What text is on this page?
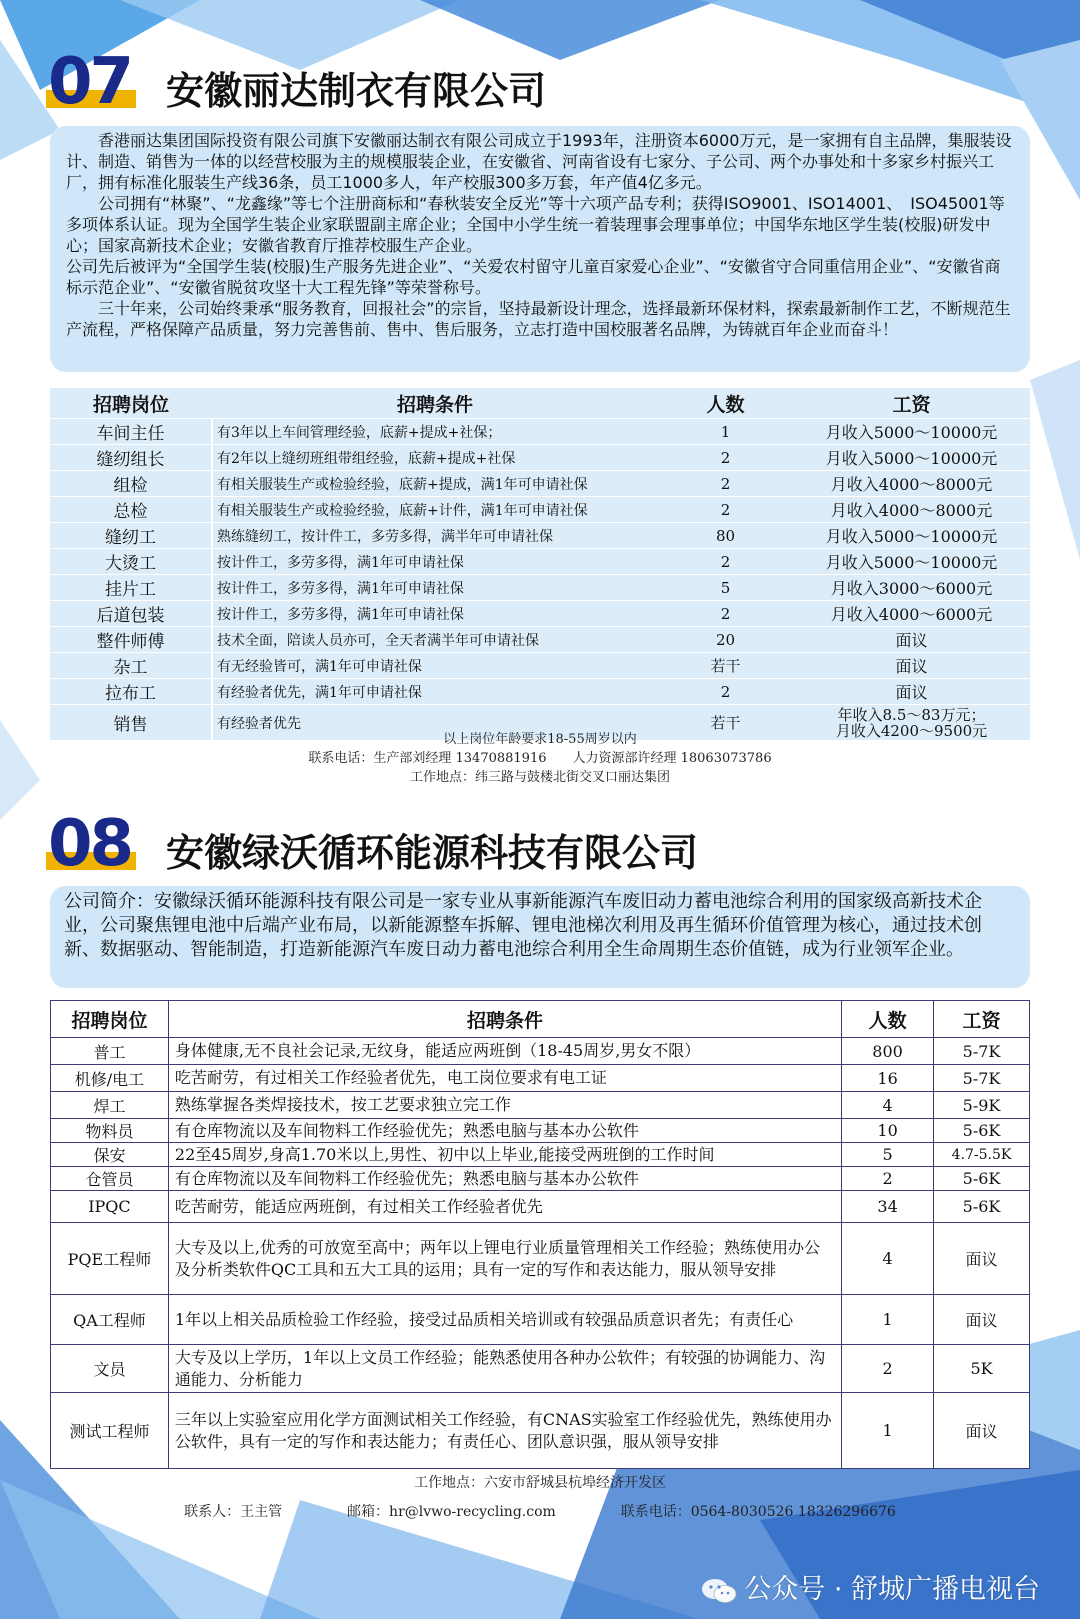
07 安徽丽达制衣有限公司

　　香港丽达集团国际投资有限公司旗下安徽丽达制衣有限公司成立于1993年，注册资本6000万元，是一家拥有自主品牌，集服装设计、制造、销售为一体的以经营校服为主的规模服装企业，在安徽省、河南省设有七家分、子公司、两个办事处和十多家乡村振兴工厂，拥有标准化服装生产线36条，员工1000多人，年产校服300多万套，年产值4亿多元。

　　公司拥有“林聚”、“龙鑫缘”等七个注册商标和“春秋装安全反光”等十六项产品专利；获得ISO9001、ISO14001、　ISO45001等多项体系认证。现为全国学生装企业家联盟副主席企业；全国中小学生统一着装理事会理事单位；中国华东地区学生装(校服)研发中心；国家高新技术企业；安徽省教育厅推荐校服生产企业。

公司先后被评为“全国学生装(校服)生产服务先进企业”、“关爱农村留守儿童百家爱心企业”、“安徽省守合同重信用企业”、“安徽省商标示范企业”、“安徽省脱贫攻坚十大工程先锋”等荣誉称号。

　　三十年来，公司始终秉承“服务教育，回报社会”的宗旨，坚持最新设计理念，选择最新环保材料，探索最新制作工艺，不断规范生产流程，严格保障产品质量，努力完善售前、售中、售后服务，立志打造中国校服著名品牌，为铸就百年企业而奋斗！

招聘岗位	招聘条件	人数	工资
车间主任	有3年以上车间管理经验，底薪+提成+社保；	1	月收入5000～10000元
缝纫组长	有2年以上缝纫班组带组经验，底薪+提成+社保	2	月收入5000～10000元
组检	有相关服装生产或检验经验，底薪+提成，满1年可申请社保	2	月收入4000～8000元
总检	有相关服装生产或检验经验，底薪+计件，满1年可申请社保	2	月收入4000～8000元
缝纫工	熟练缝纫工，按计件工，多劳多得，满半年可申请社保	80	月收入5000～10000元
大烫工	按计件工，多劳多得，满1年可申请社保	2	月收入5000～10000元
挂片工	按计件工，多劳多得，满1年可申请社保	5	月收入3000～6000元
后道包装	按计件工，多劳多得，满1年可申请社保	2	月收入4000～6000元
整件师傅	技术全面，陪读人员亦可，全天者满半年可申请社保	20	面议
杂工	有无经验皆可，满1年可申请社保	若干	面议
拉布工	有经验者优先，满1年可申请社保	2	面议
销售	有经验者优先	若干	年收入8.5～83万元；
月收入4200～9500元
以上岗位年龄要求18-55周岁以内
联系电话：生产部刘经理 13470881916　　人力资源部许经理 18063073786
工作地点：纬三路与鼓楼北街交叉口丽达集团
08 安徽绿沃循环能源科技有限公司

公司简介：安徽绿沃循环能源科技有限公司是一家专业从事新能源汽车废旧动力蓄电池综合利用的国家级高新技术企业，公司聚焦锂电池中后端产业布局，以新能源整车拆解、锂电池梯次利用及再生循环价值管理为核心，通过技术创新、数据驱动、智能制造，打造新能源汽车废日动力蓄电池综合利用全生命周期生态价值链，成为行业领军企业。

招聘岗位	招聘条件	人数	工资
普工	身体健康,无不良社会记录,无纹身，能适应两班倒（18-45周岁,男女不限）	800	5-7K
机修/电工	吃苦耐劳，有过相关工作经验者优先，电工岗位要求有电工证	16	5-7K
焊工	熟练掌握各类焊接技术，按工艺要求独立完工作	4	5-9K
物料员	有仓库物流以及车间物料工作经验优先；熟悉电脑与基本办公软件	10	5-6K
保安	22至45周岁,身高1.70米以上,男性、初中以上毕业,能接受两班倒的工作时间	5	4.7-5.5K
仓管员	有仓库物流以及车间物料工作经验优先；熟悉电脑与基本办公软件	2	5-6K
IPQC	吃苦耐劳，能适应两班倒，有过相关工作经验者优先	34	5-6K
PQE工程师	大专及以上,优秀的可放宽至高中；两年以上锂电行业质量管理相关工作经验；熟练使用办公及分析类软件QC工具和五大工具的运用；具有一定的写作和表达能力，服从领导安排	4	面议
QA工程师	1年以上相关品质检验工作经验，接受过品质相关培训或有较强品质意识者先；有责任心	1	面议
文员	大专及以上学历，1年以上文员工作经验；能熟悉使用各种办公软件；有较强的协调能力、沟通能力、分析能力	2	5K
测试工程师	三年以上实验室应用化学方面测试相关工作经验，有CNAS实验室工作经验优先，熟练使用办公软件，具有一定的写作和表达能力；有责任心、团队意识强，服从领导安排	1	面议
工作地点：六安市舒城县杭埠经济开发区
联系人：王主管	邮箱：hr@lvwo-recycling.com	联系电话：0564-8030526 18326296676
公众号 · 舒城广播电视台
